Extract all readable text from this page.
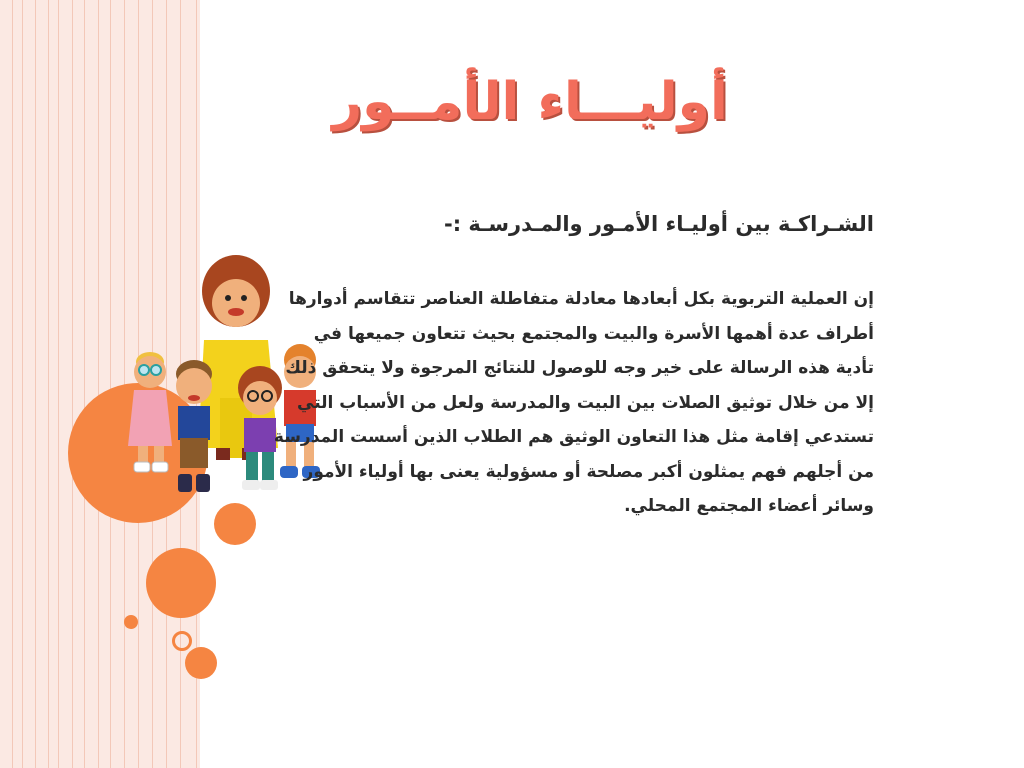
أوليـــاء الأمــور
الشـراكـة بين أوليـاء الأمـور والمـدرسـة :-
إن العملية التربوية بكل أبعادها معادلة متفاطلة العناصر تتقاسم أدوارها
أطراف عدة أهمها الأسرة والبيت والمجتمع بحيث تتعاون جميعها في
تأدية هذه الرسالة على خير وجه للوصول للنتائج المرجوة ولا يتحقق ذلك
إلا من خلال توثيق الصلات بين البيت والمدرسة ولعل من الأسباب التي
تستدعي إقامة مثل هذا التعاون الوثيق هم الطلاب الذين أسست المدرسة
من أجلهم فهم يمثلون أكبر مصلحة أو مسؤولية يعنى بها أولياء الأمور
وسائر أعضاء المجتمع المحلي.
